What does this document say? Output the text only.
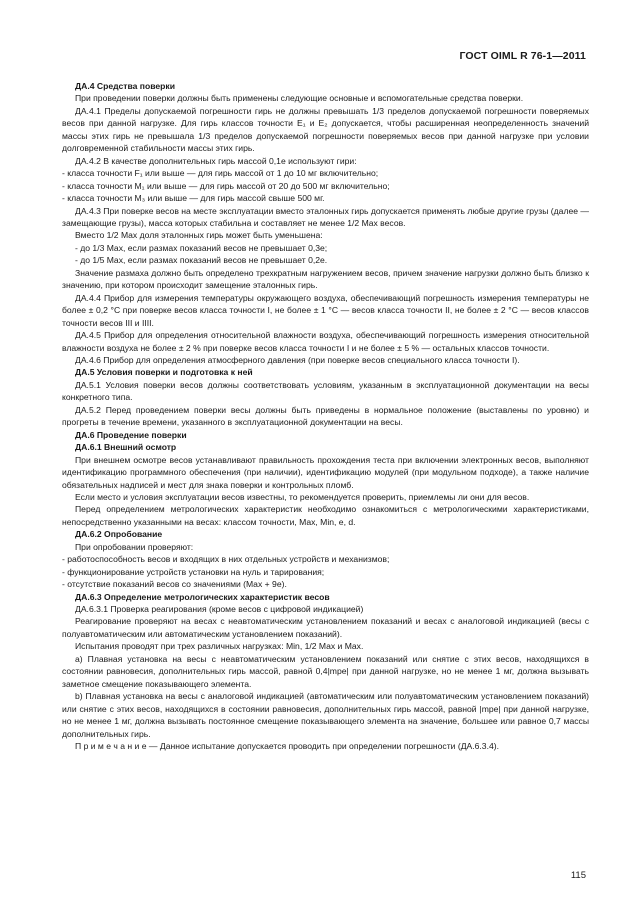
ГОСТ OIML R 76-1—2011

ДА.4 Средства поверки

При проведении поверки должны быть применены следующие основные и вспомогательные средства поверки.

ДА.4.1 Пределы допускаемой погрешности гирь не должны превышать 1/3 пределов допускаемой погрешности поверяемых весов при данной нагрузке. Для гирь классов точности E₁ и E₂ допускается, чтобы расширенная неопределенность значений массы этих гирь не превышала 1/3 пределов допускаемой погрешности поверяемых весов при данной нагрузке при условии долговременной стабильности массы этих гирь.

ДА.4.2 В качестве дополнительных гирь массой 0,1e используют гири:

- класса точности F₁ или выше — для гирь массой от 1 до 10 мг включительно;

- класса точности M₁ или выше — для гирь массой от 20 до 500 мг включительно;

- класса точности M₃ или выше — для гирь массой свыше 500 мг.

ДА.4.3 При поверке весов на месте эксплуатации вместо эталонных гирь допускается применять любые другие грузы (далее — замещающие грузы), масса которых стабильна и составляет не менее 1/2 Max весов.

Вместо 1/2 Max доля эталонных гирь может быть уменьшена:

- до 1/3 Max, если размах показаний весов не превышает 0,3e;

- до 1/5 Max, если размах показаний весов не превышает 0,2e.

Значение размаха должно быть определено трехкратным нагружением весов, причем значение нагрузки должно быть близко к значению, при котором происходит замещение эталонных гирь.

ДА.4.4 Прибор для измерения температуры окружающего воздуха, обеспечивающий погрешность измерения температуры не более ± 0,2 °С при поверке весов класса точности I, не более ± 1 °С — весов класса точности II, не более ± 2 °С — весов классов точности весов III и IIII.

ДА.4.5 Прибор для определения относительной влажности воздуха, обеспечивающий погрешность измерения относительной влажности воздуха не более ± 2 % при поверке весов класса точности I и не более ± 5 % — остальных классов точности.

ДА.4.6 Прибор для определения атмосферного давления (при поверке весов специального класса точности I).

ДА.5 Условия поверки и подготовка к ней

ДА.5.1 Условия поверки весов должны соответствовать условиям, указанным в эксплуатационной документации на весы конкретного типа.

ДА.5.2 Перед проведением поверки весы должны быть приведены в нормальное положение (выставлены по уровню) и прогреты в течение времени, указанного в эксплуатационной документации на весы.

ДА.6 Проведение поверки

ДА.6.1 Внешний осмотр

При внешнем осмотре весов устанавливают правильность прохождения теста при включении электронных весов, выполняют идентификацию программного обеспечения (при наличии), идентификацию модулей (при модульном подходе), а также наличие обязательных надписей и мест для знака поверки и контрольных пломб.

Если место и условия эксплуатации весов известны, то рекомендуется проверить, приемлемы ли они для весов.

Перед определением метрологических характеристик необходимо ознакомиться с метрологическими характеристиками, непосредственно указанными на весах: классом точности, Max, Min, e, d.

ДА.6.2 Опробование

При опробовании проверяют:

- работоспособность весов и входящих в них отдельных устройств и механизмов;

- функционирование устройств установки на нуль и тарирования;

- отсутствие показаний весов со значениями (Max + 9e).

ДА.6.3 Определение метрологических характеристик весов

ДА.6.3.1 Проверка реагирования (кроме весов с цифровой индикацией)

Реагирование проверяют на весах с неавтоматическим установлением показаний и весах с аналоговой индикацией (весы с полуавтоматическим или автоматическим установлением показаний).

Испытания проводят при трех различных нагрузках: Min, 1/2 Max и Max.

a) Плавная установка на весы с неавтоматическим установлением показаний или снятие с этих весов, находящихся в состоянии равновесия, дополнительных гирь массой, равной 0,4|mpe| при данной нагрузке, но не менее 1 мг, должна вызывать заметное смещение показывающего элемента.

b) Плавная установка на весы с аналоговой индикацией (автоматическим или полуавтоматическим установлением показаний) или снятие с этих весов, находящихся в состоянии равновесия, дополнительных гирь массой, равной |mpe| при данной нагрузке, но не менее 1 мг, должна вызывать постоянное смещение показывающего элемента на значение, большее или равное 0,7 массы дополнительных гирь.

П р и м е ч а н и е — Данное испытание допускается проводить при определении погрешности (ДА.6.3.4).

115
